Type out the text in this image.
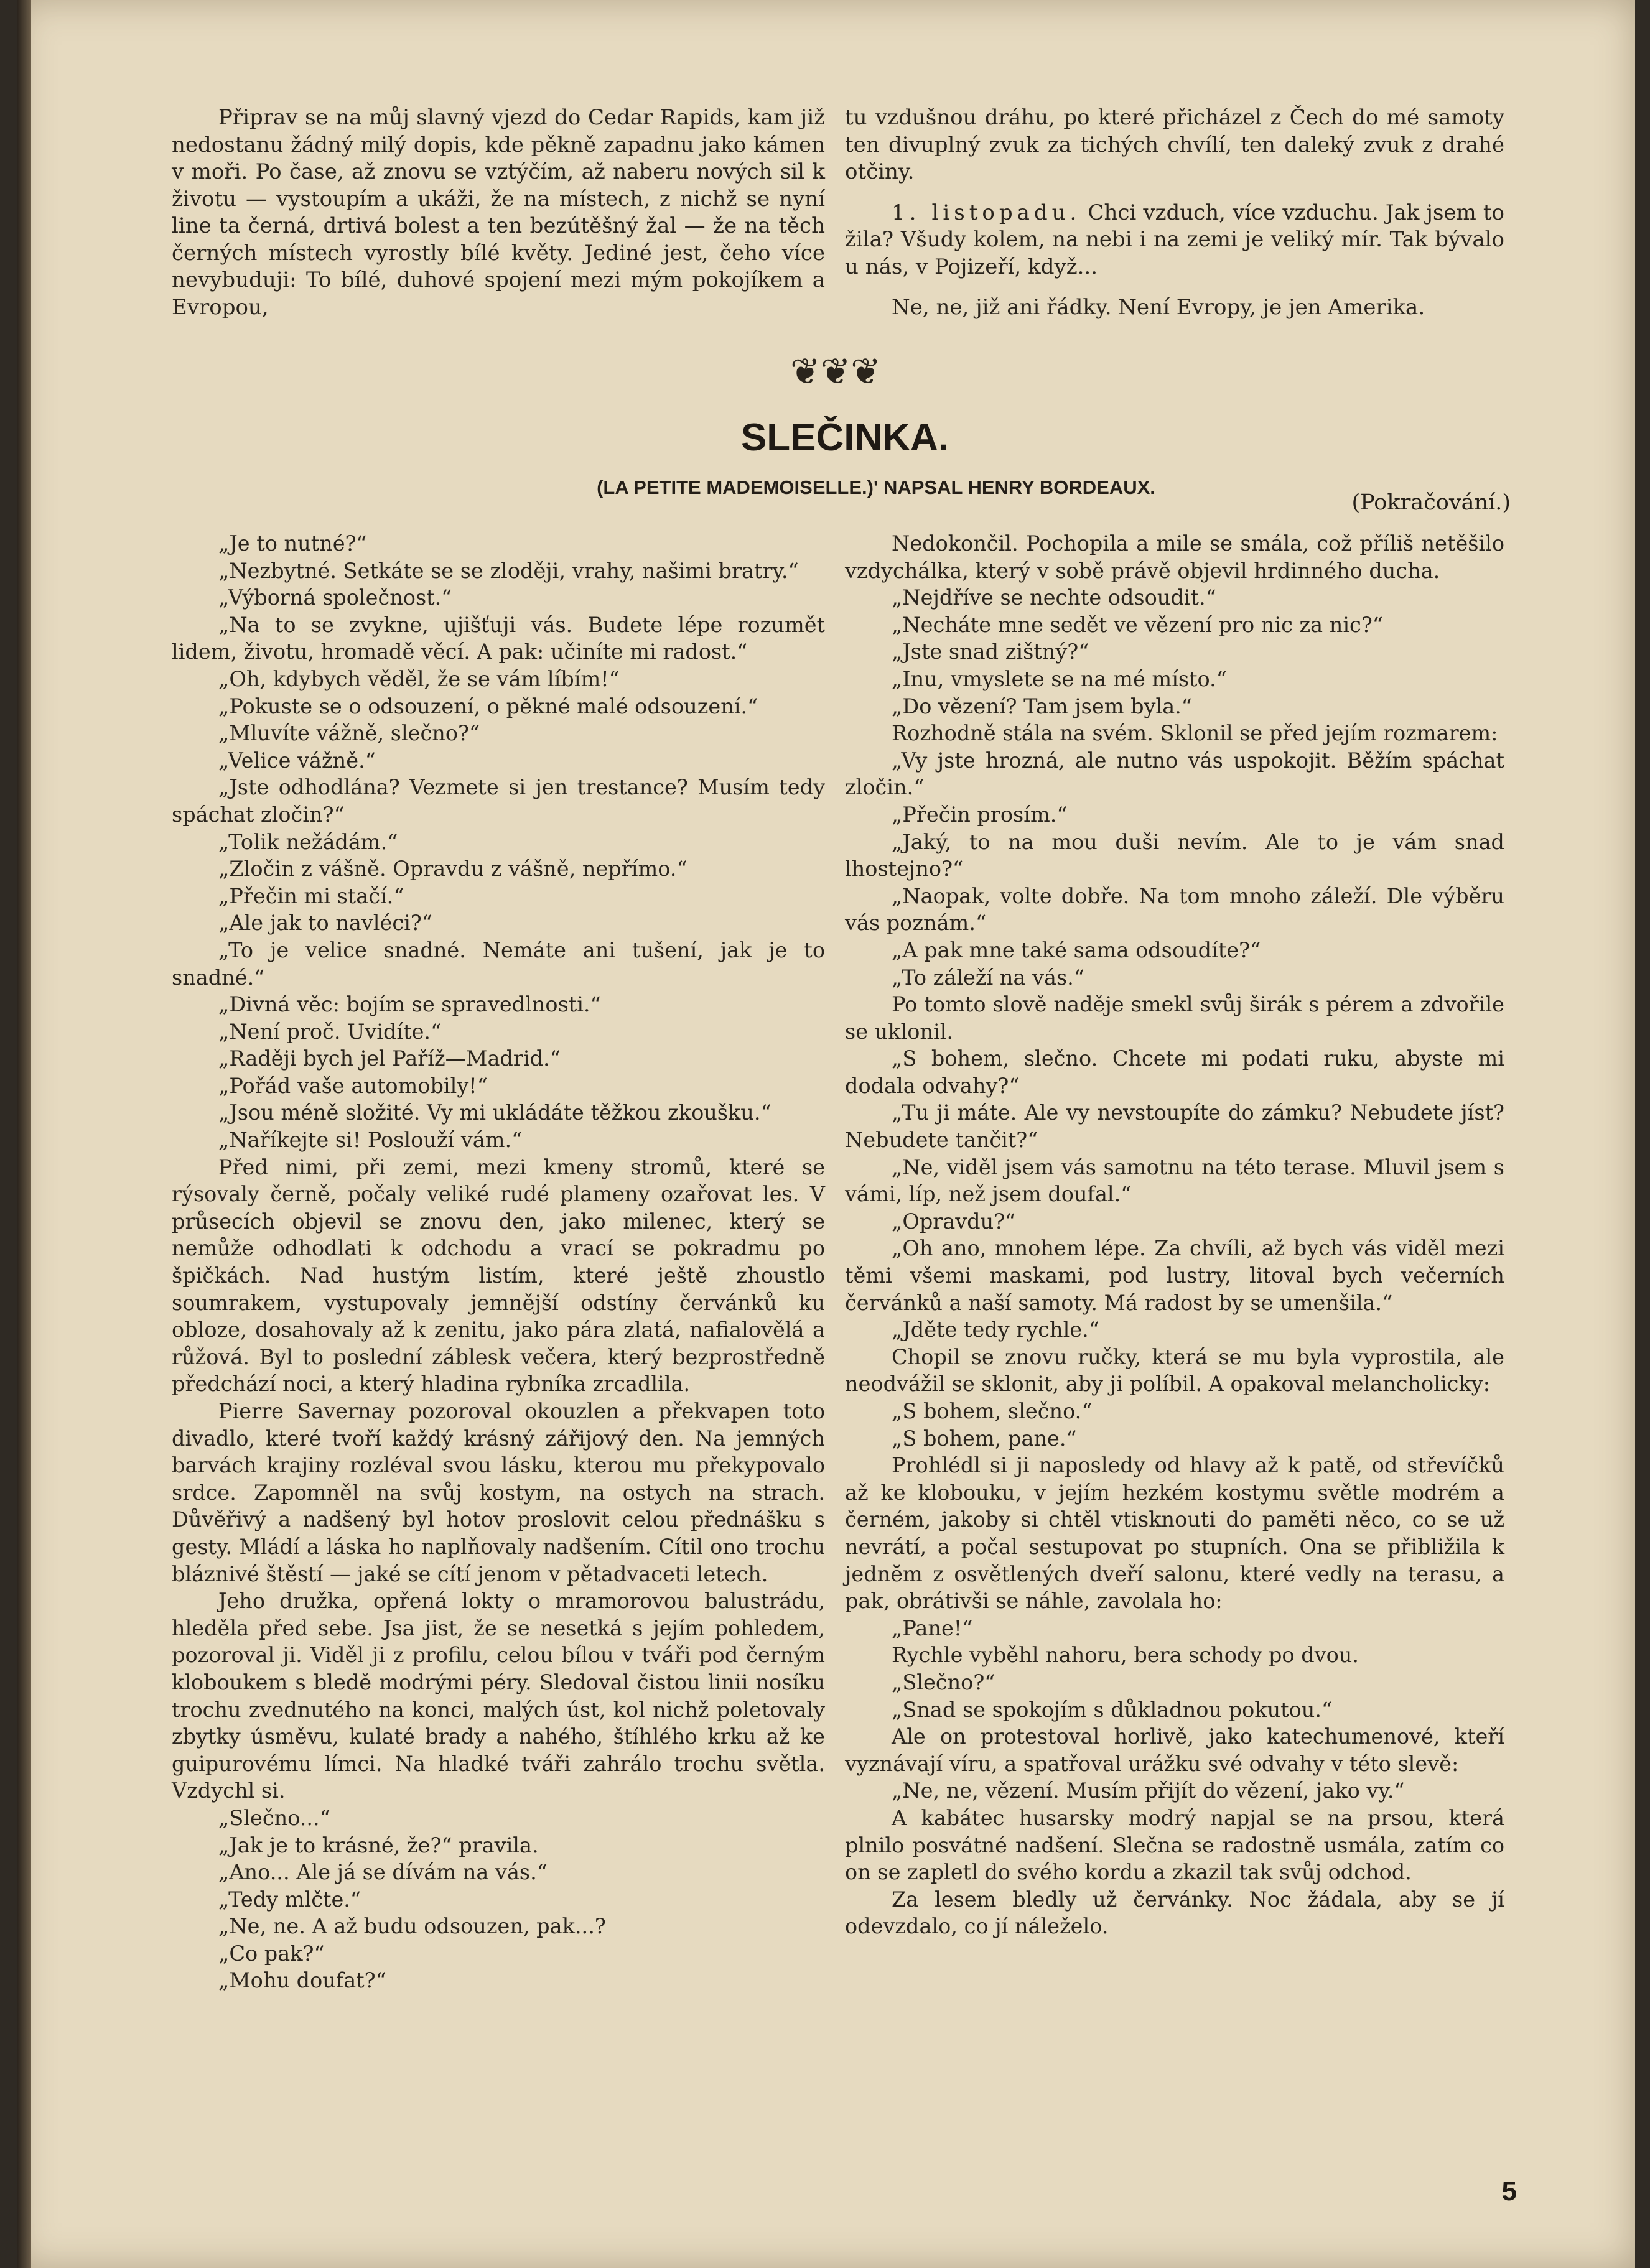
Připrav se na můj slavný vjezd do Cedar Rapids, kam již nedostanu žádný milý dopis, kde pěkně zapadnu jako kámen v moři. Po čase, až znovu se vztýčím, až naberu nových sil k životu — vystoupím a ukáži, že na místech, z nichž se nyní line ta černá, drtivá bolest a ten bezútěšný žal — že na těch černých místech vyrostly bílé květy. Jediné jest, čeho více nevybuduji: To bílé, duhové spojení mezi mým pokojíkem a Evropou,

tu vzdušnou dráhu, po které přicházel z Čech do mé samoty ten divuplný zvuk za tichých chvílí, ten daleký zvuk z drahé otčiny.

1. listopadu. Chci vzduch, více vzduchu. Jak jsem to žila? Všudy kolem, na nebi i na zemi je veliký mír. Tak bývalo u nás, v Pojizeří, když...

Ne, ne, již ani řádky. Není Evropy, je jen Amerika.

❦❦❦
SLEČINKA.
(LA PETITE MADEMOISELLE.)' NAPSAL HENRY BORDEAUX.
(Pokračování.)

„Je to nutné?“

„Nezbytné. Setkáte se se zloději, vrahy, našimi bratry.“

„Výborná společnost.“

„Na to se zvykne, ujišťuji vás. Budete lépe rozumět lidem, životu, hromadě věcí. A pak: učiníte mi radost.“

„Oh, kdybych věděl, že se vám líbím!“

„Pokuste se o odsouzení, o pěkné malé odsouzení.“

„Mluvíte vážně, slečno?“

„Velice vážně.“

„Jste odhodlána? Vezmete si jen trestance? Musím tedy spáchat zločin?“

„Tolik nežádám.“

„Zločin z vášně. Opravdu z vášně, nepřímo.“

„Přečin mi stačí.“

„Ale jak to navléci?“

„To je velice snadné. Nemáte ani tušení, jak je to snadné.“

„Divná věc: bojím se spravedlnosti.“

„Není proč. Uvidíte.“

„Raději bych jel Paříž—Madrid.“

„Pořád vaše automobily!“

„Jsou méně složité. Vy mi ukládáte těžkou zkoušku.“

„Naříkejte si! Poslouží vám.“

Před nimi, při zemi, mezi kmeny stromů, které se rýsovaly černě, počaly veliké rudé plameny ozařovat les. V průsecích objevil se znovu den, jako milenec, který se nemůže odhodlati k odchodu a vrací se pokradmu po špičkách. Nad hustým listím, které ještě zhoustlo soumrakem, vystupovaly jemnější odstíny červánků ku obloze, dosahovaly až k zenitu, jako pára zlatá, nafialovělá a růžová. Byl to poslední záblesk večera, který bezprostředně předchází noci, a který hladina rybníka zrcadlila.

Pierre Savernay pozoroval okouzlen a překvapen toto divadlo, které tvoří každý krásný zářijový den. Na jemných barvách krajiny rozléval svou lásku, kterou mu překypovalo srdce. Zapomněl na svůj kostym, na ostych na strach. Důvěřivý a nadšený byl hotov proslovit celou přednášku s gesty. Mládí a láska ho naplňovaly nadšením. Cítil ono trochu bláznivé štěstí — jaké se cítí jenom v pětadvaceti letech.

Jeho družka, opřená lokty o mramorovou balustrádu, hleděla před sebe. Jsa jist, že se nesetká s jejím pohledem, pozoroval ji. Viděl ji z profilu, celou bílou v tváři pod černým kloboukem s bledě modrými péry. Sledoval čistou linii nosíku trochu zvednutého na konci, malých úst, kol nichž poletovaly zbytky úsměvu, kulaté brady a nahého, štíhlého krku až ke guipurovému límci. Na hladké tváři zahrálo trochu světla. Vzdychl si.

„Slečno...“

„Jak je to krásné, že?“ pravila.

„Ano... Ale já se dívám na vás.“

„Tedy mlčte.“

„Ne, ne. A až budu odsouzen, pak...?

„Co pak?“

„Mohu doufat?“

Nedokončil. Pochopila a mile se smála, což příliš netěšilo vzdychálka, který v sobě právě objevil hrdinného ducha.

„Nejdříve se nechte odsoudit.“

„Necháte mne sedět ve vězení pro nic za nic?“

„Jste snad zištný?“

„Inu, vmyslete se na mé místo.“

„Do vězení? Tam jsem byla.“

Rozhodně stála na svém. Sklonil se před jejím rozmarem:

„Vy jste hrozná, ale nutno vás uspokojit. Běžím spáchat zločin.“

„Přečin prosím.“

„Jaký, to na mou duši nevím. Ale to je vám snad lhostejno?“

„Naopak, volte dobře. Na tom mnoho záleží. Dle výběru vás poznám.“

„A pak mne také sama odsoudíte?“

„To záleží na vás.“

Po tomto slově naděje smekl svůj širák s pérem a zdvořile se uklonil.

„S bohem, slečno. Chcete mi podati ruku, abyste mi dodala odvahy?“

„Tu ji máte. Ale vy nevstoupíte do zámku? Nebudete jíst? Nebudete tančit?“

„Ne, viděl jsem vás samotnu na této terase. Mluvil jsem s vámi, líp, než jsem doufal.“

„Opravdu?“

„Oh ano, mnohem lépe. Za chvíli, až bych vás viděl mezi těmi všemi maskami, pod lustry, litoval bych večerních červánků a naší samoty. Má radost by se umenšila.“

„Jděte tedy rychle.“

Chopil se znovu ručky, která se mu byla vyprostila, ale neodvážil se sklonit, aby ji políbil. A opakoval melancholicky:

„S bohem, slečno.“

„S bohem, pane.“

Prohlédl si ji naposledy od hlavy až k patě, od střevíčků až ke klobouku, v jejím hezkém kostymu světle modrém a černém, jakoby si chtěl vtisknouti do paměti něco, co se už nevrátí, a počal sestupovat po stupních. Ona se přibližila k jednĕm z osvětlených dveří salonu, které vedly na terasu, a pak, obrátivši se náhle, zavolala ho:

„Pane!“

Rychle vyběhl nahoru, bera schody po dvou.

„Slečno?“

„Snad se spokojím s důkladnou pokutou.“

Ale on protestoval horlivě, jako katechumenové, kteří vyznávají víru, a spatřoval urážku své odvahy v této slevě:

„Ne, ne, vězení. Musím přijít do vězení, jako vy.“

A kabátec husarsky modrý napjal se na prsou, která plnilo posvátné nadšení. Slečna se radostně usmála, zatím co on se zapletl do svého kordu a zkazil tak svůj odchod.

Za lesem bledly už červánky. Noc žádala, aby se jí odevzdalo, co jí náleželo.

5
